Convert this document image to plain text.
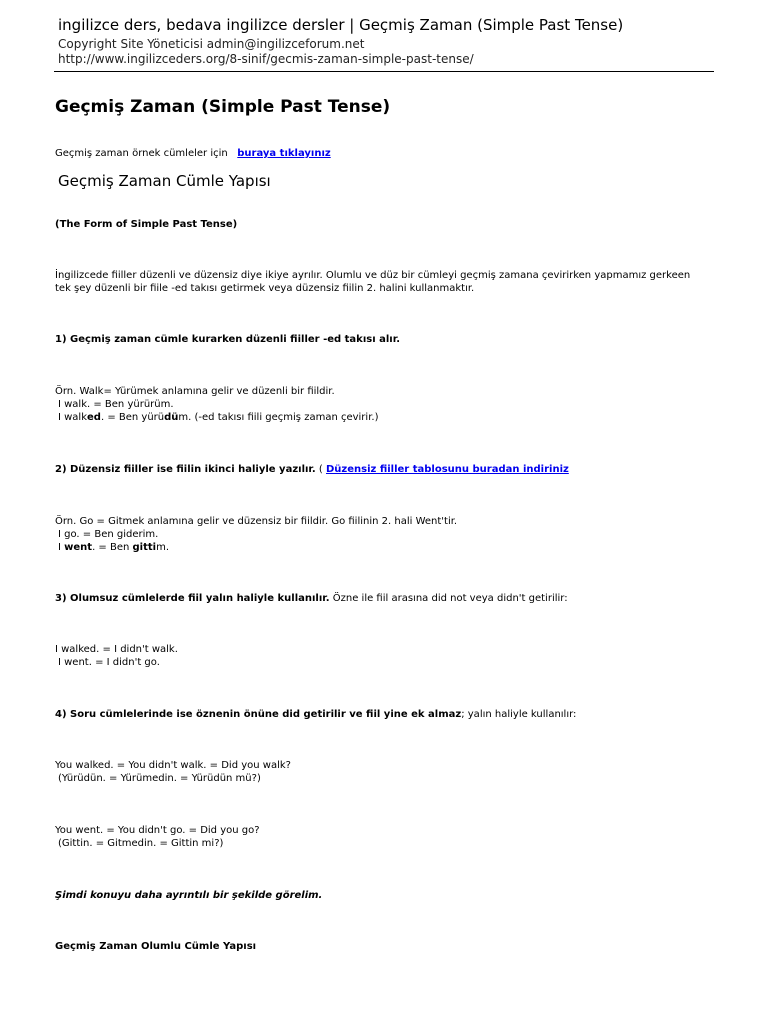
ingilizce ders, bedava ingilizce dersler | Geçmiş Zaman (Simple Past Tense)
Copyright Site Yöneticisi admin@ingilizceforum.net
http://www.ingilizceders.org/8-sinif/gecmis-zaman-simple-past-tense/
Geçmiş Zaman (Simple Past Tense)
Geçmiş zaman örnek cümleler için buraya tıklayınız
Geçmiş Zaman Cümle Yapısı
(The Form of Simple Past Tense)
İngilizcede fiiller düzenli ve düzensiz diye ikiye ayrılır. Olumlu ve düz bir cümleyi geçmiş zamana çevirirken yapmamız gerkeen
tek şey düzenli bir fiile -ed takısı getirmek veya düzensiz fiilin 2. halini kullanmaktır.
1) Geçmiş zaman cümle kurarken düzenli fiiller -ed takısı alır.
Örn. Walk= Yürümek anlamına gelir ve düzenli bir fiildir.
I walk. = Ben yürürüm.
I walked. = Ben yürüdüm. (-ed takısı fiili geçmiş zaman çevirir.)
2) Düzensiz fiiller ise fiilin ikinci haliyle yazılır. ( Düzensiz fiiller tablosunu buradan indiriniz
Örn. Go = Gitmek anlamına gelir ve düzensiz bir fiildir. Go fiilinin 2. hali Went'tir.
I go. = Ben giderim.
I went. = Ben gittim.
3) Olumsuz cümlelerde fiil yalın haliyle kullanılır. Özne ile fiil arasına did not veya didn't getirilir:
I walked. = I didn't walk.
I went. = I didn't go.
4) Soru cümlelerinde ise öznenin önüne did getirilir ve fiil yine ek almaz; yalın haliyle kullanılır:
You walked. = You didn't walk. = Did you walk?
(Yürüdün. = Yürümedin. = Yürüdün mü?)
You went. = You didn't go. = Did you go?
(Gittin. = Gitmedin. = Gittin mi?)
Şimdi konuyu daha ayrıntılı bir şekilde görelim.
Geçmiş Zaman Olumlu Cümle Yapısı
